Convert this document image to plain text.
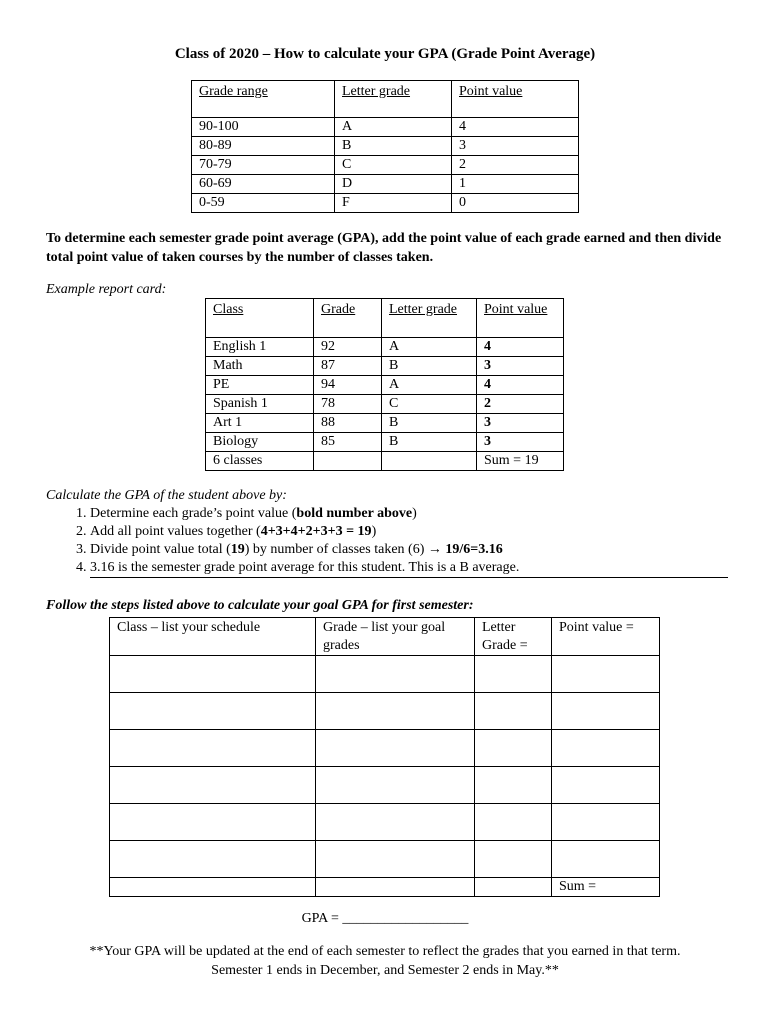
Class of 2020 – How to calculate your GPA (Grade Point Average)
Grade range	Letter grade	Point value
90-100	A	4
80-89	B	3
70-79	C	2
60-69	D	1
0-59	F	0
To determine each semester grade point average (GPA), add the point value of each grade earned and then divide total point value of taken courses by the number of classes taken.
Example report card:
Class	Grade	Letter grade	Point value
English 1	92	A	4
Math	87	B	3
PE	94	A	4
Spanish 1	78	C	2
Art 1	88	B	3
Biology	85	B	3
6 classes			Sum = 19
Calculate the GPA of the student above by:
1. Determine each grade’s point value (bold number above)
2. Add all point values together (4+3+4+2+3+3 = 19)
3. Divide point value total (19) by number of classes taken (6) → 19/6=3.16
4. 3.16 is the semester grade point average for this student. This is a B average.
Follow the steps listed above to calculate your goal GPA for first semester:
Class – list your schedule	Grade – list your goal grades	Letter Grade =	Point value =

			Sum =
GPA = __________________
**Your GPA will be updated at the end of each semester to reflect the grades that you earned in that term.
Semester 1 ends in December, and Semester 2 ends in May.**
